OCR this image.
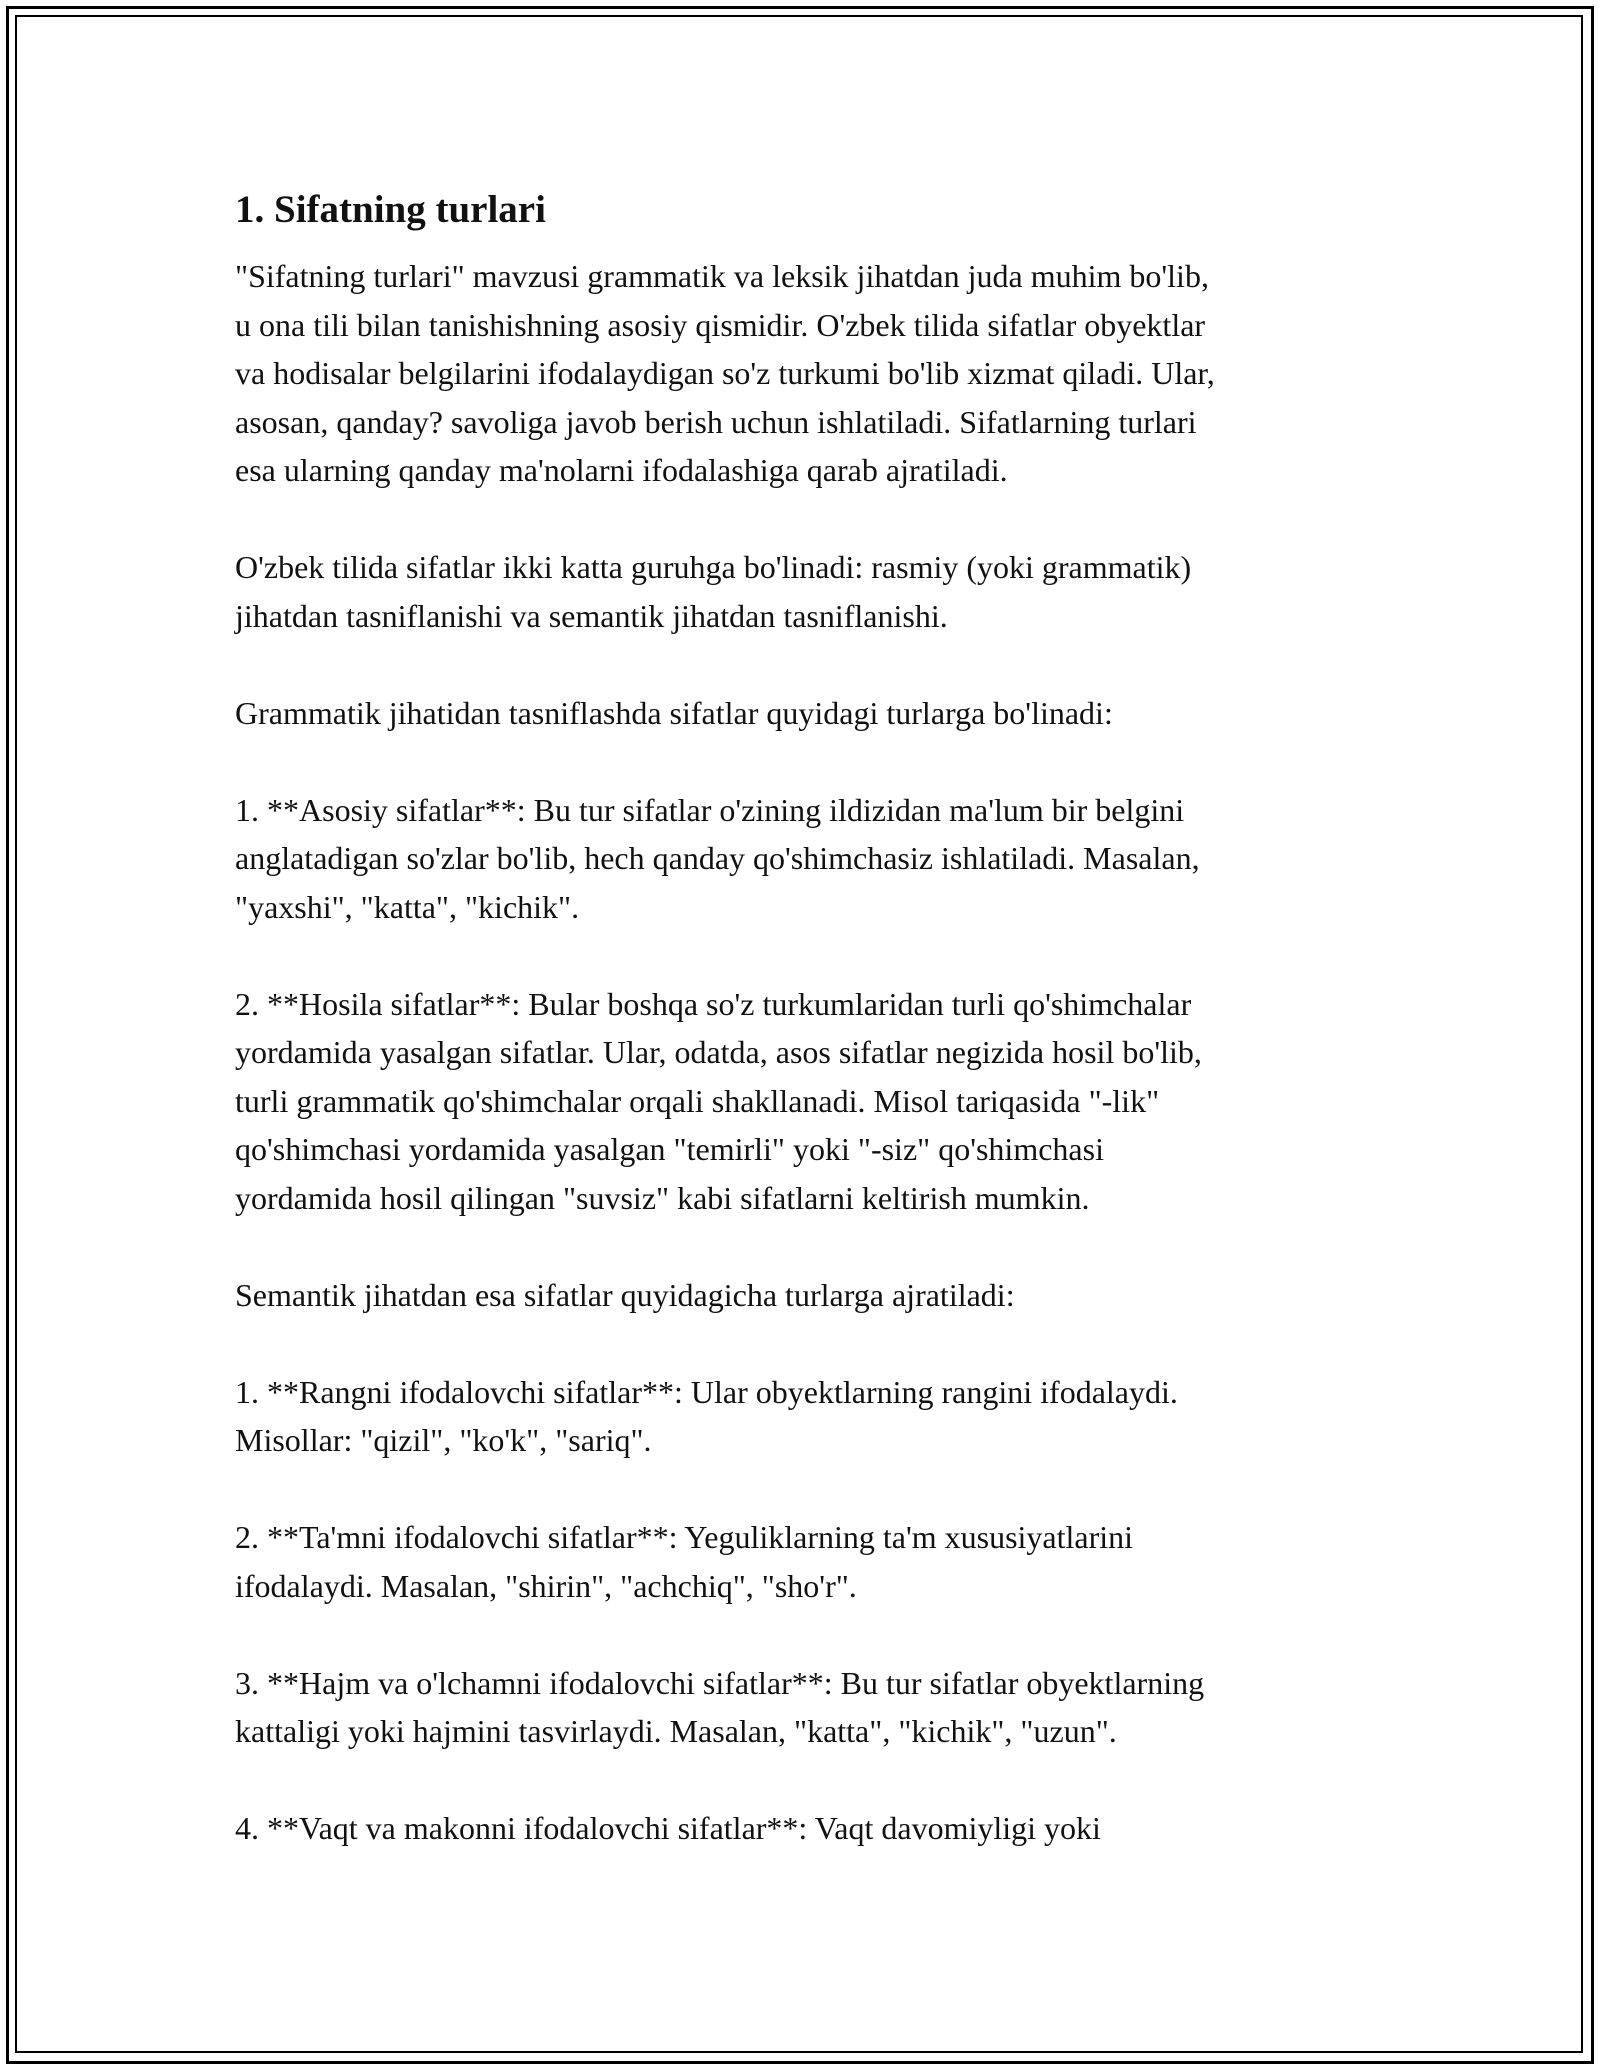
1. Sifatning turlari

"Sifatning turlari" mavzusi grammatik va leksik jihatdan juda muhim bo'lib,
u ona tili bilan tanishishning asosiy qismidir. O'zbek tilida sifatlar obyektlar
va hodisalar belgilarini ifodalaydigan so'z turkumi bo'lib xizmat qiladi. Ular,
asosan, qanday? savoliga javob berish uchun ishlatiladi. Sifatlarning turlari
esa ularning qanday ma'nolarni ifodalashiga qarab ajratiladi.

O'zbek tilida sifatlar ikki katta guruhga bo'linadi: rasmiy (yoki grammatik)
jihatdan tasniflanishi va semantik jihatdan tasniflanishi.

Grammatik jihatidan tasniflashda sifatlar quyidagi turlarga bo'linadi:

1. **Asosiy sifatlar**: Bu tur sifatlar o'zining ildizidan ma'lum bir belgini
anglatadigan so'zlar bo'lib, hech qanday qo'shimchasiz ishlatiladi. Masalan,
"yaxshi", "katta", "kichik".

2. **Hosila sifatlar**: Bular boshqa so'z turkumlaridan turli qo'shimchalar
yordamida yasalgan sifatlar. Ular, odatda, asos sifatlar negizida hosil bo'lib,
turli grammatik qo'shimchalar orqali shakllanadi. Misol tariqasida "-lik"
qo'shimchasi yordamida yasalgan "temirli" yoki "-siz" qo'shimchasi
yordamida hosil qilingan "suvsiz" kabi sifatlarni keltirish mumkin.

Semantik jihatdan esa sifatlar quyidagicha turlarga ajratiladi:

1. **Rangni ifodalovchi sifatlar**: Ular obyektlarning rangini ifodalaydi.
Misollar: "qizil", "ko'k", "sariq".

2. **Ta'mni ifodalovchi sifatlar**: Yeguliklarning ta'm xususiyatlarini
ifodalaydi. Masalan, "shirin", "achchiq", "sho'r".

3. **Hajm va o'lchamni ifodalovchi sifatlar**: Bu tur sifatlar obyektlarning
kattaligi yoki hajmini tasvirlaydi. Masalan, "katta", "kichik", "uzun".

4. **Vaqt va makonni ifodalovchi sifatlar**: Vaqt davomiyligi yoki
